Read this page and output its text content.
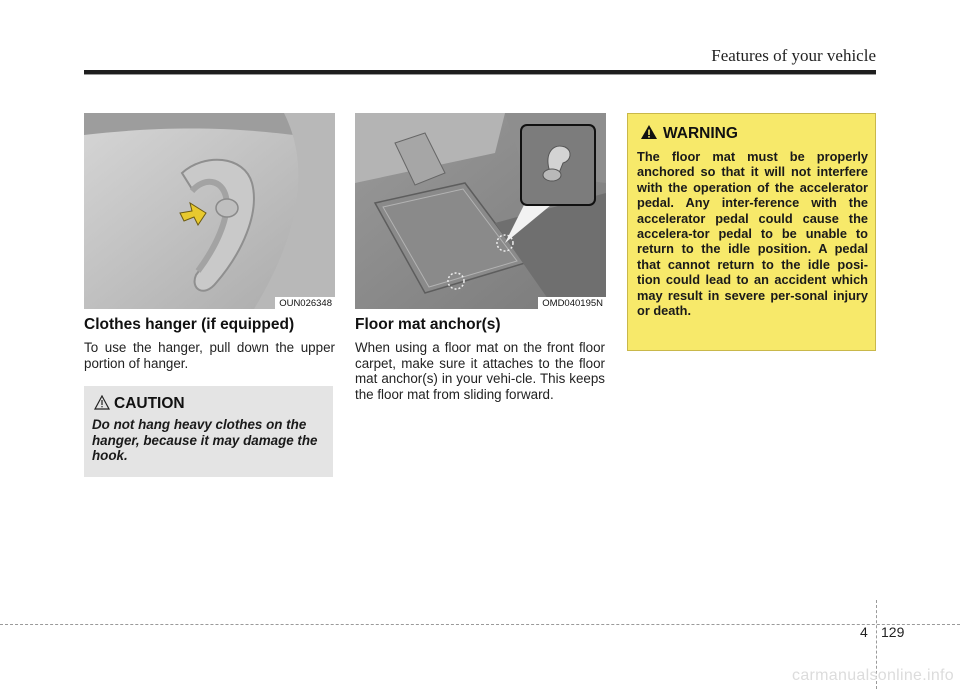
Features of your vehicle
OUN026348
Clothes hanger (if equipped)
To use the hanger, pull down the upper portion of hanger.
CAUTION
Do not hang heavy clothes on the hanger, because it may damage the hook.
OMD040195N
Floor mat anchor(s)
When using a floor mat on the front floor carpet, make sure it attaches to the floor mat anchor(s) in your vehi-cle. This keeps the floor mat from sliding forward.
WARNING
The floor mat must be properly anchored so that it will not interfere with the operation of the accelerator pedal. Any inter-ference with the accelerator pedal could cause the accelera-tor pedal to be unable to return to the idle position. A pedal that cannot return to the idle posi-tion could lead to an accident which may result in severe per-sonal injury or death.
4 129
carmanualsonline.info
